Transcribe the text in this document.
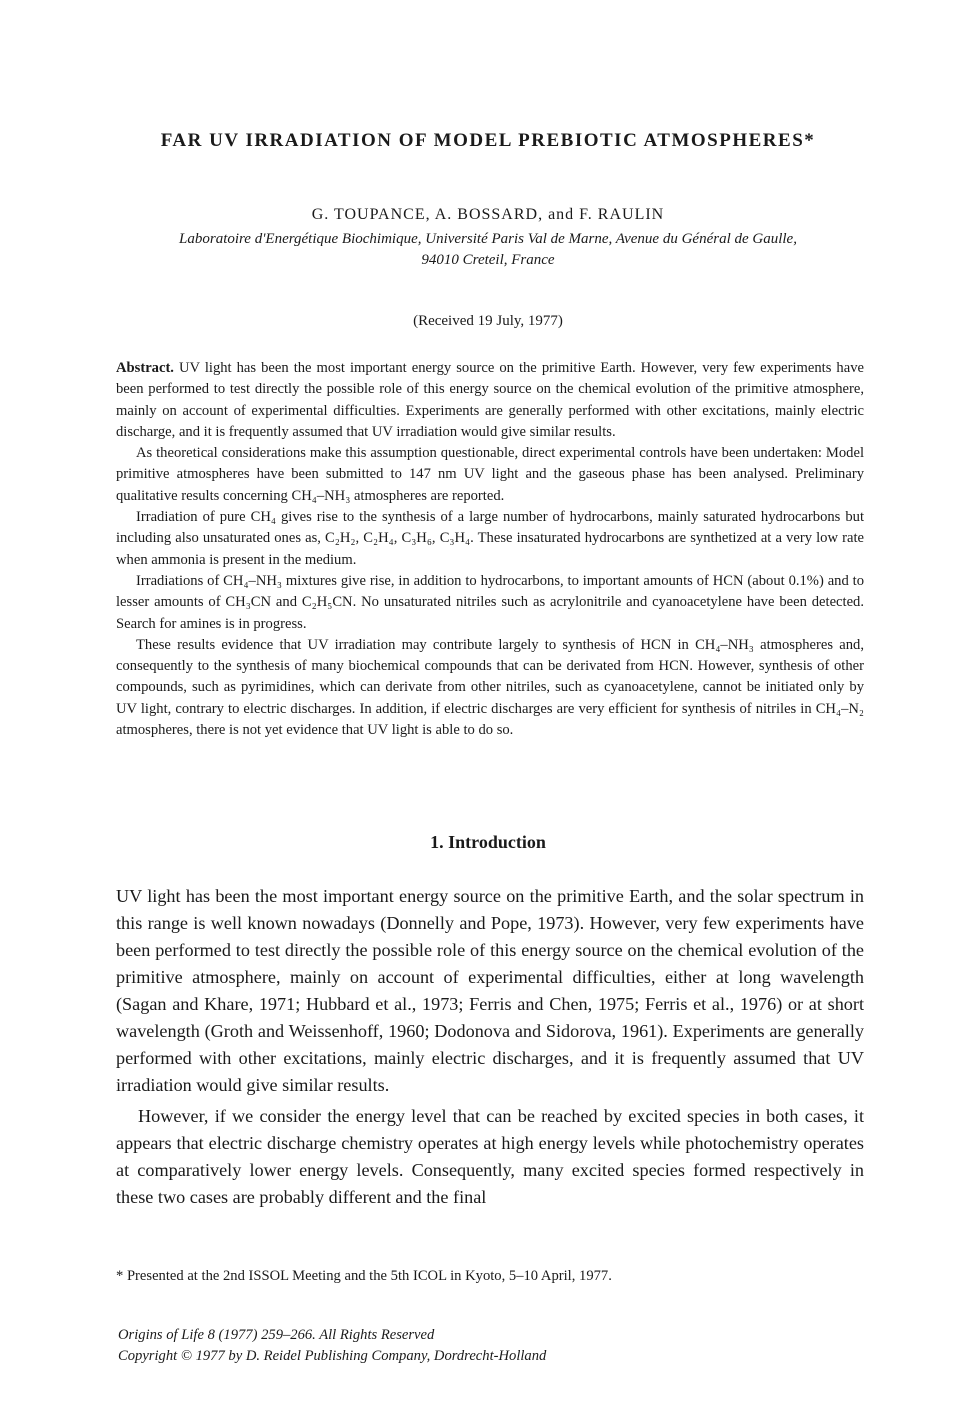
FAR UV IRRADIATION OF MODEL PREBIOTIC ATMOSPHERES*
G. TOUPANCE, A. BOSSARD, and F. RAULIN
Laboratoire d'Energétique Biochimique, Université Paris Val de Marne, Avenue du Général de Gaulle,
94010 Creteil, France
(Received 19 July, 1977)

Abstract. UV light has been the most important energy source on the primitive Earth. However, very few experiments have been performed to test directly the possible role of this energy source on the chemical evolution of the primitive atmosphere, mainly on account of experimental difficulties. Experiments are generally performed with other excitations, mainly electric discharge, and it is frequently assumed that UV irradiation would give similar results.

As theoretical considerations make this assumption questionable, direct experimental controls have been undertaken: Model primitive atmospheres have been submitted to 147 nm UV light and the gaseous phase has been analysed. Preliminary qualitative results concerning CH₄–NH₃ atmospheres are reported.

Irradiation of pure CH₄ gives rise to the synthesis of a large number of hydrocarbons, mainly saturated hydrocarbons but including also unsaturated ones as, C₂H₂, C₂H₄, C₃H₆, C₃H₄. These insaturated hydrocarbons are synthetized at a very low rate when ammonia is present in the medium.

Irradiations of CH₄–NH₃ mixtures give rise, in addition to hydrocarbons, to important amounts of HCN (about 0.1%) and to lesser amounts of CH₃CN and C₂H₅CN. No unsaturated nitriles such as acrylonitrile and cyanoacetylene have been detected. Search for amines is in progress.

These results evidence that UV irradiation may contribute largely to synthesis of HCN in CH₄–NH₃ atmospheres and, consequently to the synthesis of many biochemical compounds that can be derivated from HCN. However, synthesis of other compounds, such as pyrimidines, which can derivate from other nitriles, such as cyanoacetylene, cannot be initiated only by UV light, contrary to electric discharges. In addition, if electric discharges are very efficient for synthesis of nitriles in CH₄–N₂ atmospheres, there is not yet evidence that UV light is able to do so.

1. Introduction

UV light has been the most important energy source on the primitive Earth, and the solar spectrum in this range is well known nowadays (Donnelly and Pope, 1973). However, very few experiments have been performed to test directly the possible role of this energy source on the chemical evolution of the primitive atmosphere, mainly on account of experimental difficulties, either at long wavelength (Sagan and Khare, 1971; Hubbard et al., 1973; Ferris and Chen, 1975; Ferris et al., 1976) or at short wavelength (Groth and Weissenhoff, 1960; Dodonova and Sidorova, 1961). Experiments are generally performed with other excitations, mainly electric discharges, and it is frequently assumed that UV irradiation would give similar results.

However, if we consider the energy level that can be reached by excited species in both cases, it appears that electric discharge chemistry operates at high energy levels while photochemistry operates at comparatively lower energy levels. Consequently, many excited species formed respectively in these two cases are probably different and the final

* Presented at the 2nd ISSOL Meeting and the 5th ICOL in Kyoto, 5–10 April, 1977.
Origins of Life 8 (1977) 259–266. All Rights Reserved
Copyright © 1977 by D. Reidel Publishing Company, Dordrecht-Holland
